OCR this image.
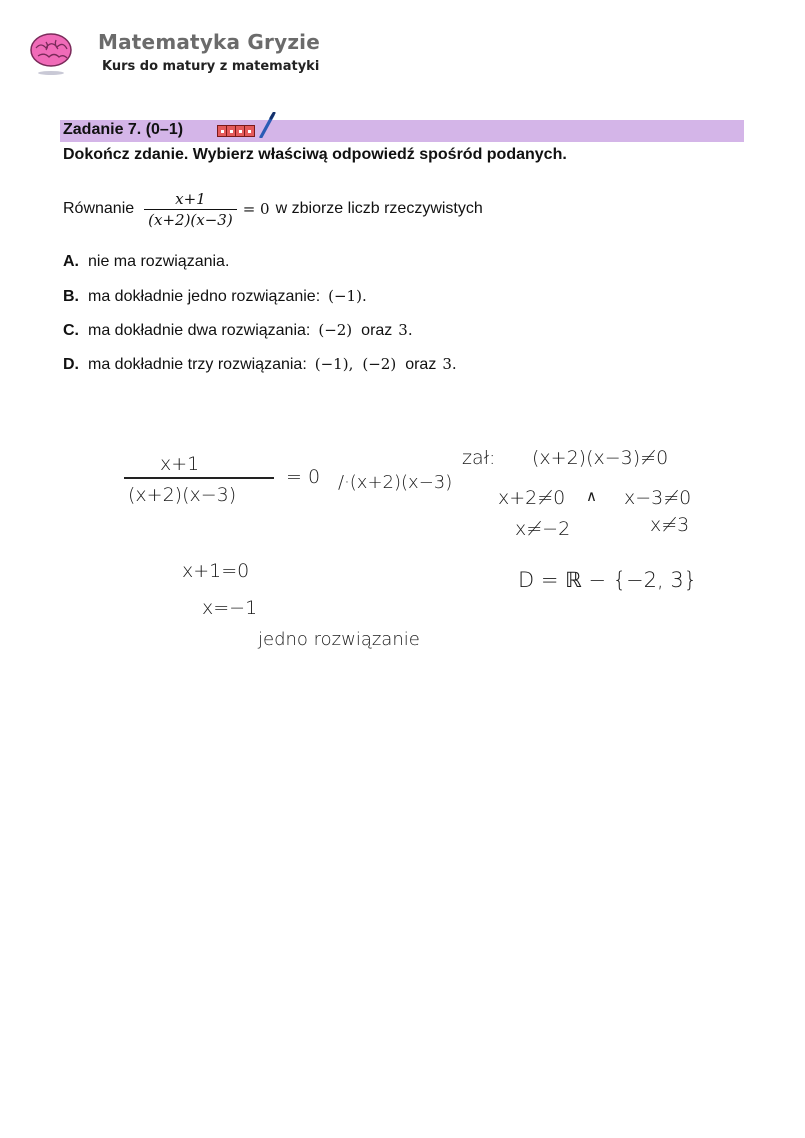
Matematyka Gryzie
Kurs do matury z matematyki
Zadanie 7. (0–1)
Dokończ zdanie. Wybierz właściwą odpowiedź spośród podanych.
Równanie $\frac{x+1}{(x+2)(x-3)} = 0$ w zbiorze liczb rzeczywistych
A. nie ma rozwiązania.
B. ma dokładnie jedno rozwiązanie: (−1).
C. ma dokładnie dwa rozwiązania: (−2) oraz 3.
D. ma dokładnie trzy rozwiązania: (−1), (−2) oraz 3.
x+1
(x+2)(x−3)
= 0 /·(x+2)(x−3)
zał: (x+2)(x−3)≠0
x+2≠0 ∧ x−3≠0
x≠−2	x≠3
D = ℝ − {−2, 3}
x+1=0
x=−1
jedno rozwiązanie
